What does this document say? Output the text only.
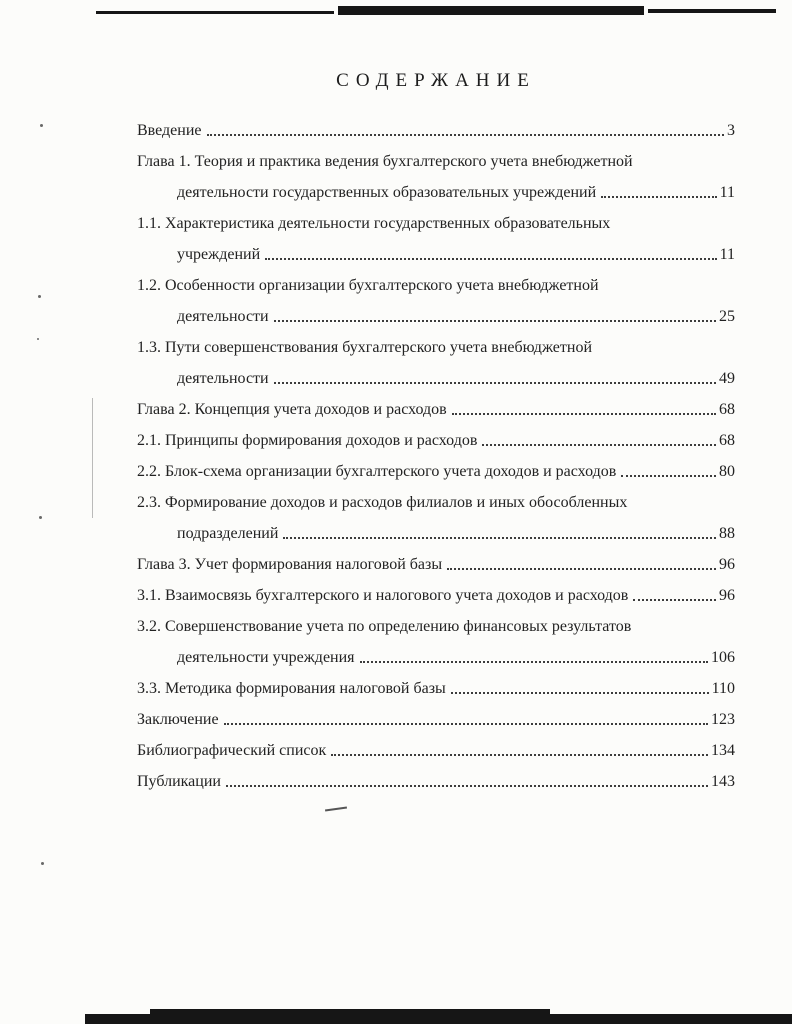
СОДЕРЖАНИЕ
Введение	3
Глава 1. Теория и практика ведения бухгалтерского учета внебюджетной
деятельности государственных образовательных учреждений	11
1.1. Характеристика деятельности государственных образовательных
учреждений	11
1.2. Особенности организации бухгалтерского учета внебюджетной
деятельности	25
1.3. Пути совершенствования бухгалтерского учета внебюджетной
деятельности	49
Глава 2. Концепция учета доходов и расходов	68
2.1. Принципы формирования доходов и расходов	68
2.2. Блок-схема организации бухгалтерского учета доходов и расходов	80
2.3. Формирование доходов и расходов филиалов и иных обособленных
подразделений	88
Глава 3. Учет формирования налоговой базы	96
3.1. Взаимосвязь бухгалтерского и налогового учета доходов и расходов	96
3.2. Совершенствование учета по определению финансовых результатов
деятельности учреждения	106
3.3. Методика формирования налоговой базы	110
Заключение	123
Библиографический список	134
Публикации	143
